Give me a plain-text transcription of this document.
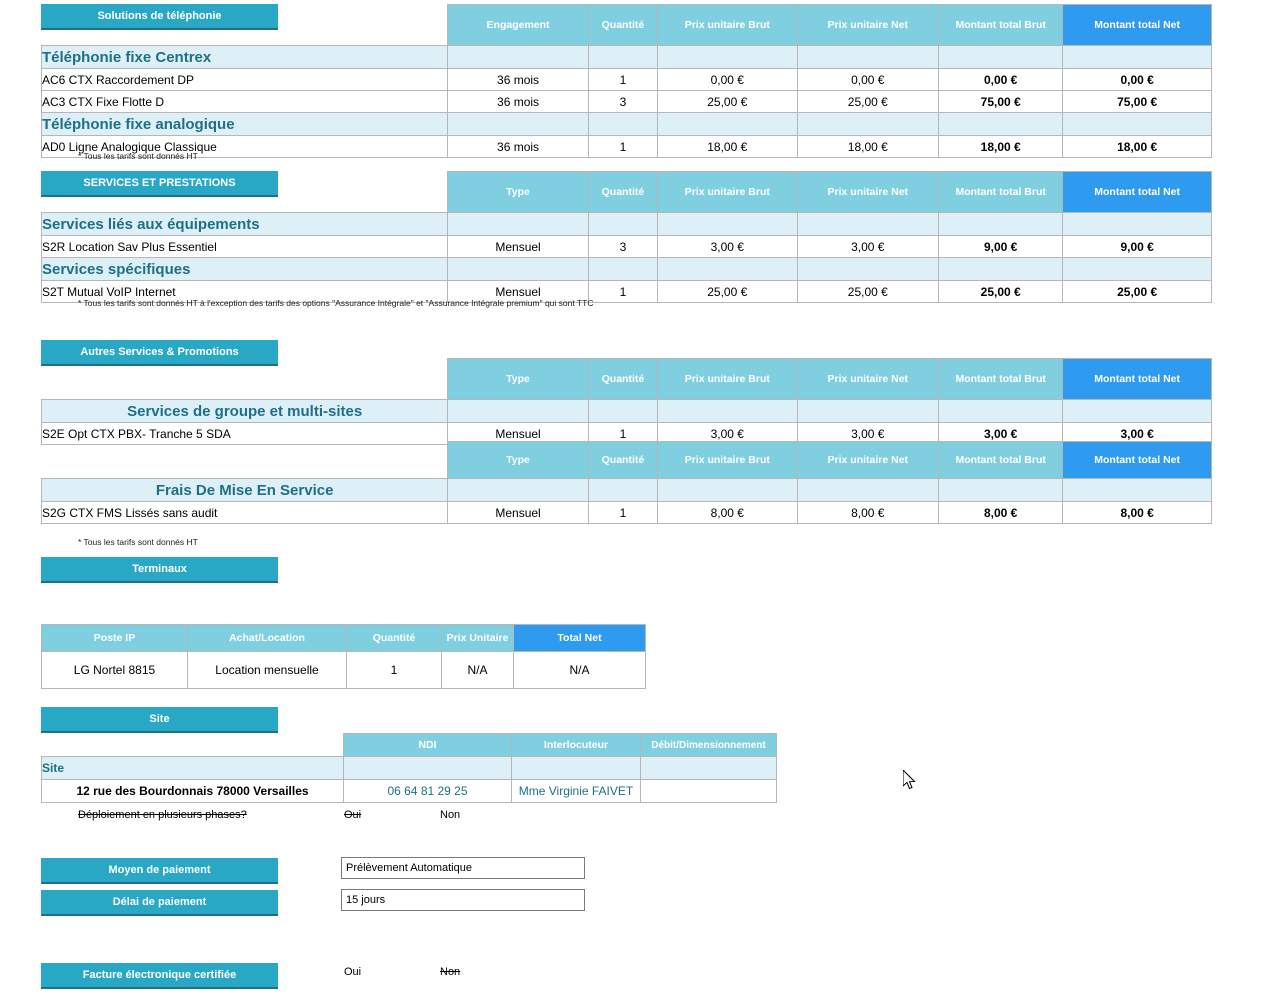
Solutions de téléphonie
	Engagement	Quantité	Prix unitaire Brut	Prix unitaire Net	Montant total Brut	Montant total Net
Téléphonie fixe Centrex						
AC6 CTX Raccordement DP	36 mois	1	0,00 €	0,00 €	0,00 €	0,00 €
AC3 CTX Fixe Flotte D	36 mois	3	25,00 €	25,00 €	75,00 €	75,00 €
Téléphonie fixe analogique						
AD0 Ligne Analogique Classique	36 mois	1	18,00 €	18,00 €	18,00 €	18,00 €
* Tous les tarifs sont donnés HT
SERVICES ET PRESTATIONS
	Type	Quantité	Prix unitaire Brut	Prix unitaire Net	Montant total Brut	Montant total Net
Services liés aux équipements						
S2R Location Sav Plus Essentiel	Mensuel	3	3,00 €	3,00 €	9,00 €	9,00 €
Services spécifiques						
S2T Mutual VoIP Internet	Mensuel	1	25,00 €	25,00 €	25,00 €	25,00 €
* Tous les tarifs sont donnés HT à l'exception des tarifs des options "Assurance Intégrale" et "Assurance Intégrale premium" qui sont TTC
Autres Services & Promotions
	Type	Quantité	Prix unitaire Brut	Prix unitaire Net	Montant total Brut	Montant total Net
Services de groupe et multi-sites						
S2E Opt CTX PBX- Tranche 5 SDA	Mensuel	1	3,00 €	3,00 €	3,00 €	3,00 €
	Type	Quantité	Prix unitaire Brut	Prix unitaire Net	Montant total Brut	Montant total Net
Frais De Mise En Service						
S2G CTX FMS Lissés sans audit	Mensuel	1	8,00 €	8,00 €	8,00 €	8,00 €
* Tous les tarifs sont donnés HT
Terminaux
Poste IP	Achat/Location	Quantité	Prix Unitaire	Total Net
LG Nortel 8815	Location mensuelle	1	N/A	N/A
Site
	NDI	Interlocuteur	Débit/Dimensionnement
Site			
12 rue des Bourdonnais 78000 Versailles	06 64 81 29 25	Mme Virginie FAIVET	
Déploiement en plusieurs phases?	Oui	Non
Moyen de paiement	Prélèvement Automatique
Délai de paiement	15 jours
Facture électronique certifiée	Oui	Non
